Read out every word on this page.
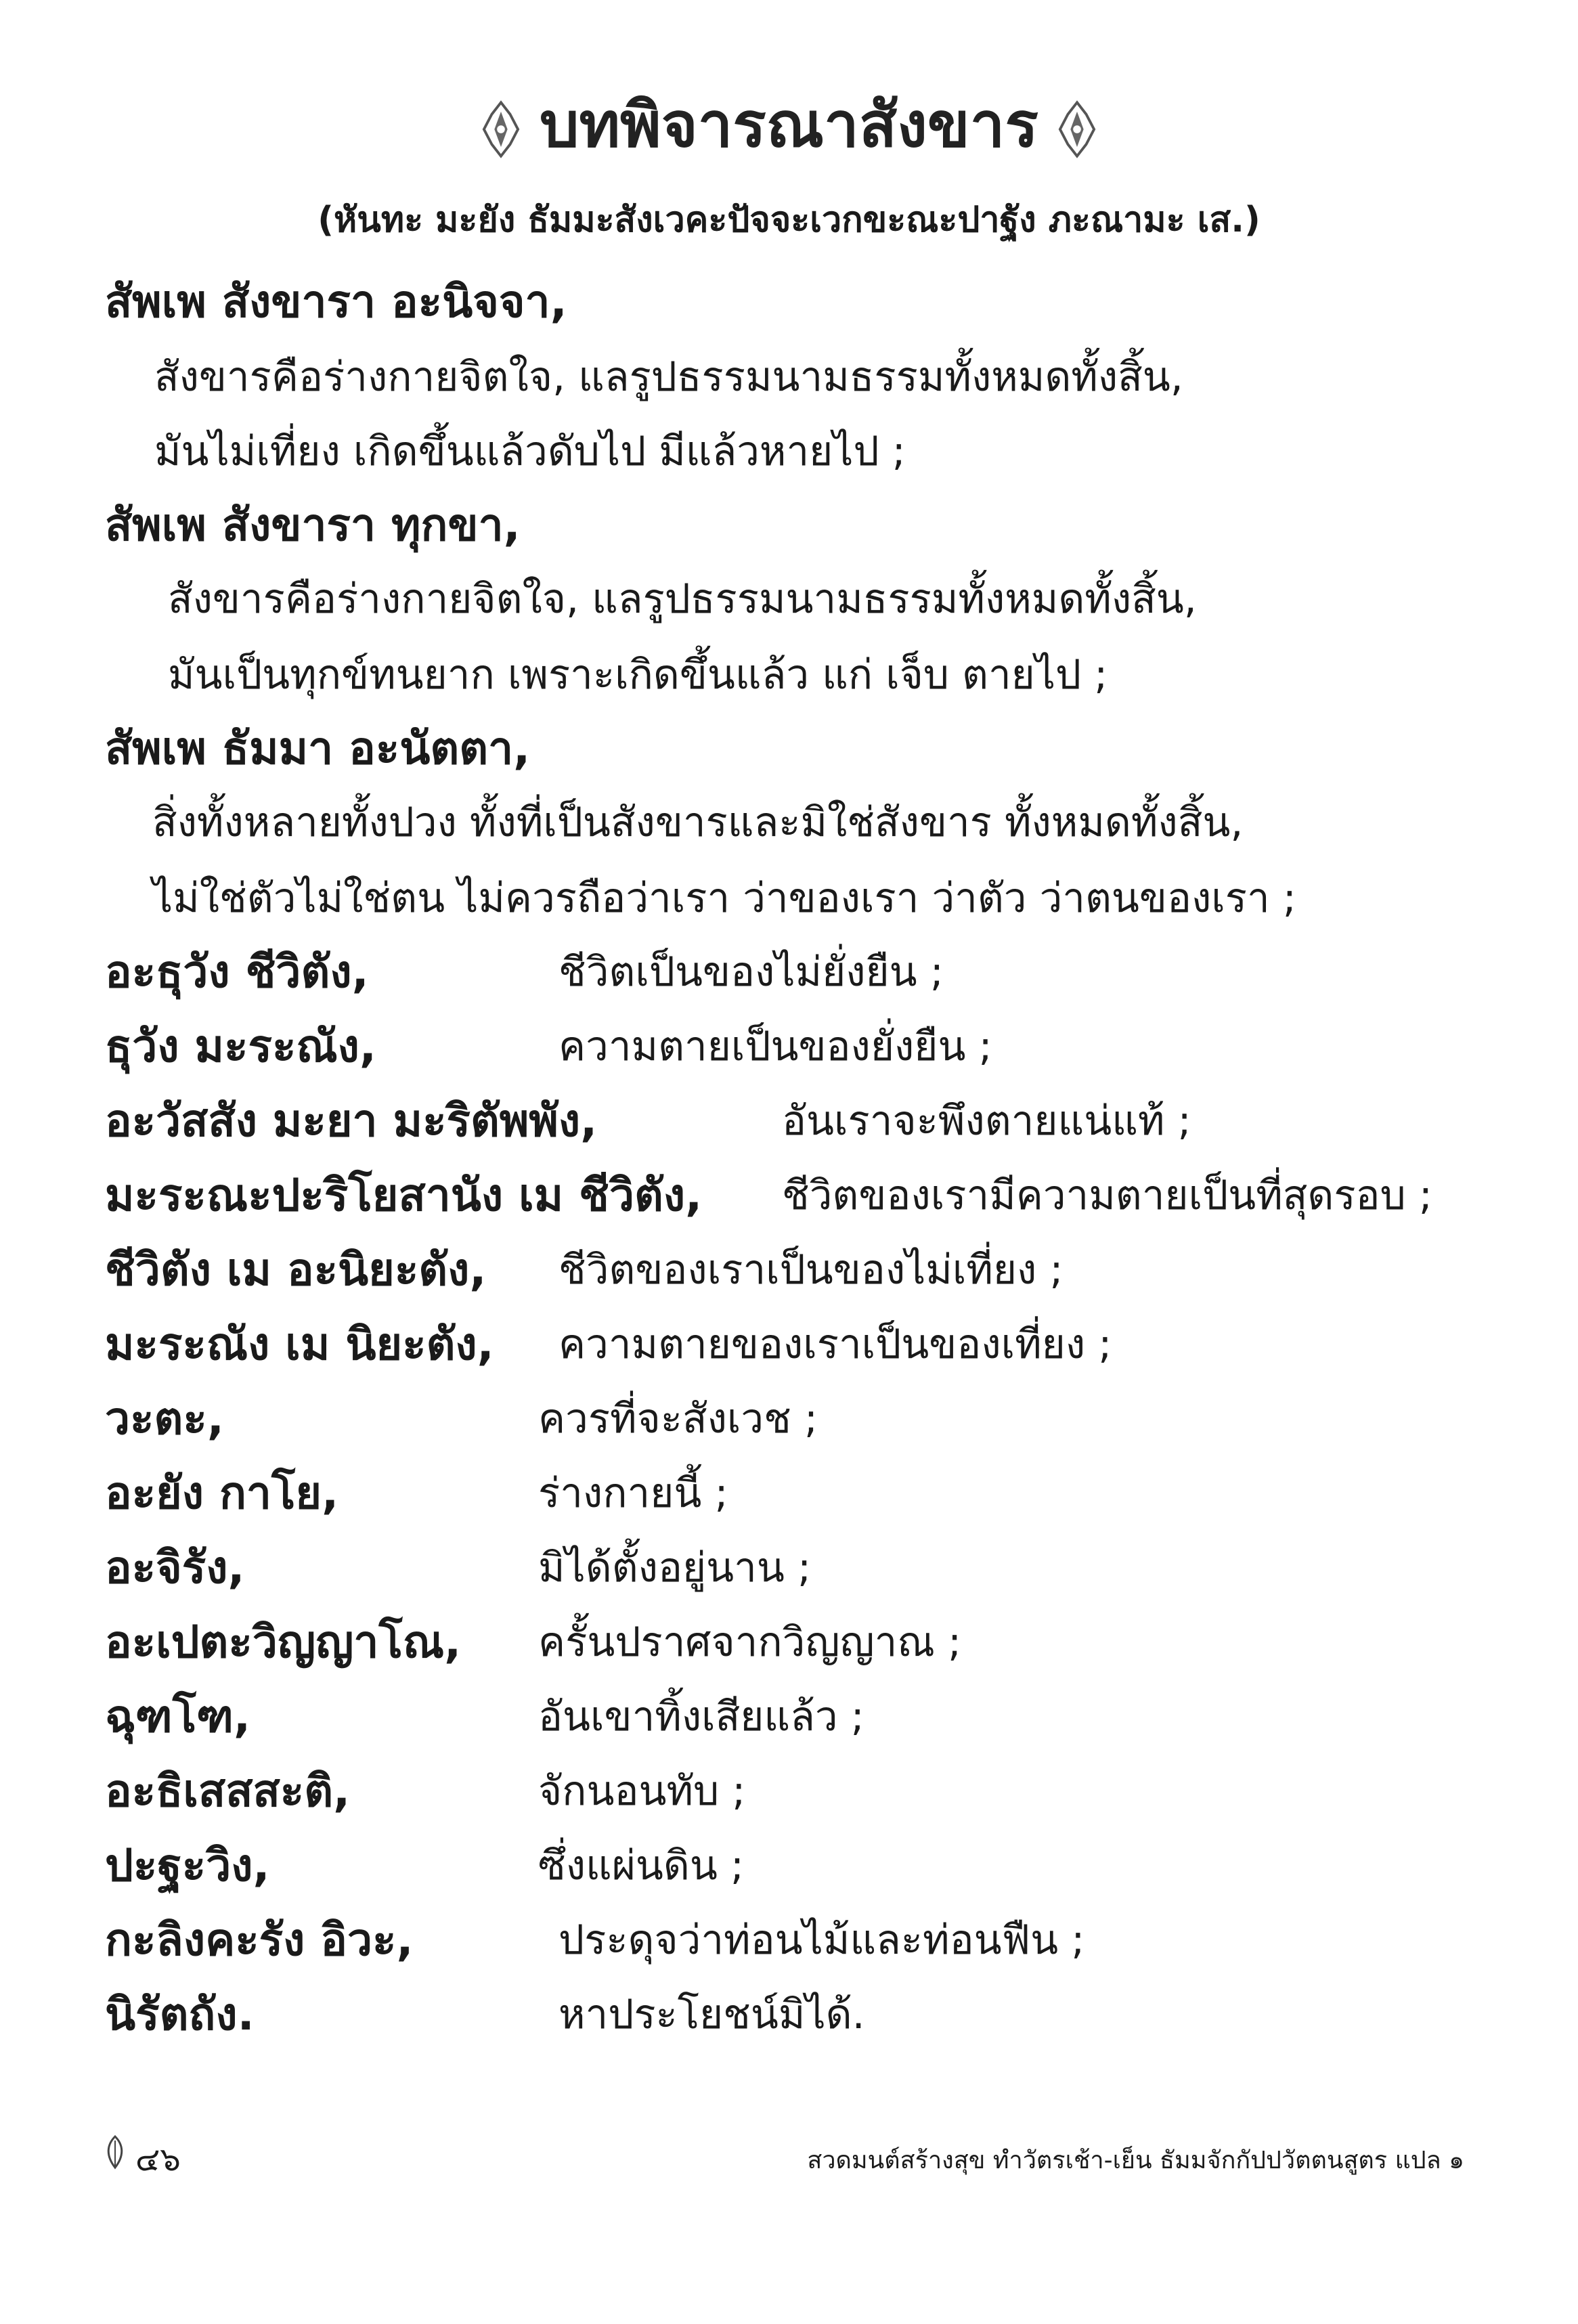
บทพิจารณาสังขาร
(หันทะ มะยัง ธัมมะสังเวคะปัจจะเวกขะณะปาฐัง ภะณามะ เส.)
สัพเพ สังขารา อะนิจจา,
สังขารคือร่างกายจิตใจ, แลรูปธรรมนามธรรมทั้งหมดทั้งสิ้น,
มันไม่เที่ยง เกิดขึ้นแล้วดับไป มีแล้วหายไป ;
สัพเพ สังขารา ทุกขา,
สังขารคือร่างกายจิตใจ, แลรูปธรรมนามธรรมทั้งหมดทั้งสิ้น,
มันเป็นทุกข์ทนยาก เพราะเกิดขึ้นแล้ว แก่ เจ็บ ตายไป ;
สัพเพ ธัมมา อะนัตตา,
สิ่งทั้งหลายทั้งปวง ทั้งที่เป็นสังขารและมิใช่สังขาร ทั้งหมดทั้งสิ้น,
ไม่ใช่ตัวไม่ใช่ตน ไม่ควรถือว่าเรา ว่าของเรา ว่าตัว ว่าตนของเรา ;
อะธุวัง ชีวิตัง,	ชีวิตเป็นของไม่ยั่งยืน ;
ธุวัง มะระณัง,	ความตายเป็นของยั่งยืน ;
อะวัสสัง มะยา มะริตัพพัง,	อันเราจะพึงตายแน่แท้ ;
มะระณะปะริโยสานัง เม ชีวิตัง, ชีวิตของเรามีความตายเป็นที่สุดรอบ ;
ชีวิตัง เม อะนิยะตัง, ชีวิตของเราเป็นของไม่เที่ยง ;
มะระณัง เม นิยะตัง, ความตายของเราเป็นของเที่ยง ;
วะตะ,	ควรที่จะสังเวช ;
อะยัง กาโย,	ร่างกายนี้ ;
อะจิรัง,	มิได้ตั้งอยู่นาน ;
อะเปตะวิญญาโณ, ครั้นปราศจากวิญญาณ ;
ฉุฑโฑ,	อันเขาทิ้งเสียแล้ว ;
อะธิเสสสะติ,	จักนอนทับ ;
ปะฐะวิง,	ซึ่งแผ่นดิน ;
กะลิงคะรัง อิวะ,	ประดุจว่าท่อนไม้และท่อนฟืน ;
นิรัตถัง.	หาประโยชน์มิได้.
๔๖	สวดมนต์สร้างสุข ทำวัตรเช้า-เย็น ธัมมจักกัปปวัตตนสูตร แปล ๑
